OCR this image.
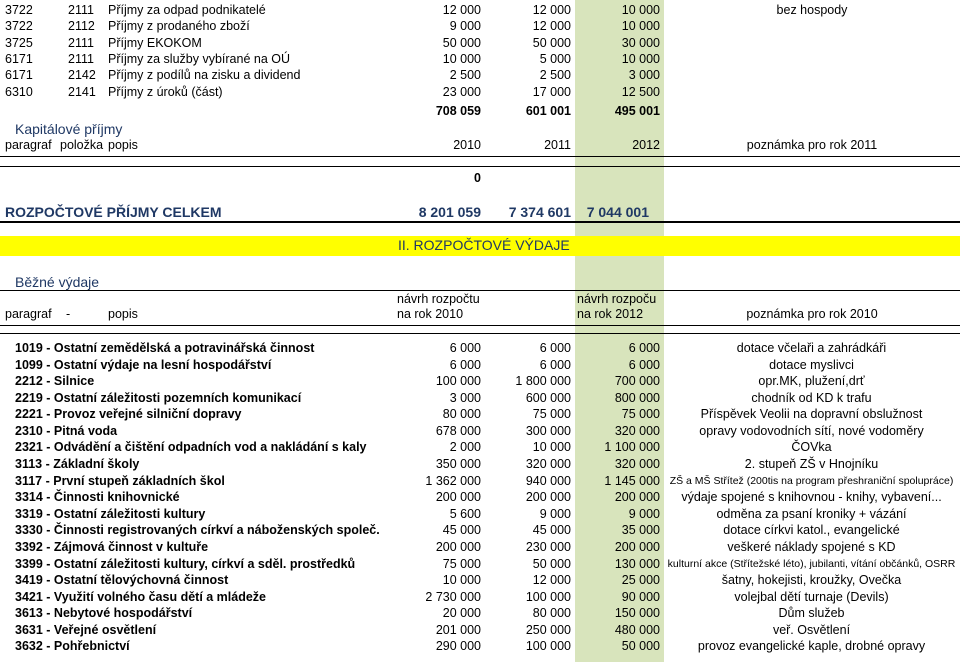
3722	2111 Příjmy za odpad podnikatelé	12 000	12 000	10 000	bez hospody
3722	2112 Příjmy z prodaného zboží	9 000	12 000	10 000
3725	2111 Příjmy EKOKOM	50 000	50 000	30 000
6171	2111 Příjmy za služby vybírané na OÚ	10 000	5 000	10 000
6171	2142 Příjmy z podílů na zisku a dividend	2 500	2 500	3 000
6310	2141 Příjmy z úroků (část)	23 000	17 000	12 500
708 059	601 001	495 001
Kapitálové příjmy
paragraf položka popis	2010	2011	2012	poznámka pro rok 2011
0
ROZPOČTOVÉ PŘÍJMY CELKEM	8 201 059	7 374 601	7 044 001
II. ROZPOČTOVÉ VÝDAJE
Běžné výdaje
paragraf -	popis
návrh rozpočtu
na rok 2010
návrh rozpoču
na rok 2012	poznámka pro rok 2010
1019 - Ostatní zemědělská a potravinářská činnost	6 000	6 000	6 000	dotace včelaři a zahrádkáři
1099 - Ostatní výdaje na lesní hospodářství	6 000	6 000	6 000	dotace myslivci
2212 - Silnice	100 000	1 800 000	700 000	opr.MK, plužení,drť
2219 - Ostatní záležitosti pozemních komunikací	3 000	600 000	800 000	chodník od KD k trafu
2221 - Provoz veřejné silniční dopravy	80 000	75 000	75 000	Příspěvek Veolii na dopravní obslužnost
2310 - Pitná voda	678 000	300 000	320 000	opravy vodovodních sítí, nové vodoměry
2321 - Odvádění a čištění odpadních vod a nakládání s kaly	2 000	10 000	1 100 000	ČOVka
3113 - Základní školy	350 000	320 000	320 000	2. stupeň ZŠ v Hnojníku
3117 - První stupeň základních škol	1 362 000	940 000	1 145 000 ZŠ a MŠ Střítež (200tis na program přeshraniční spolupráce)
3314 - Činnosti knihovnické	200 000	200 000	200 000	výdaje spojené s knihovnou - knihy, vybavení...
3319 - Ostatní záležitosti kultury	5 600	9 000	9 000	odměna za psaní kroniky + vázání
3330 - Činnosti registrovaných církví a náboženských společ.	45 000	45 000	35 000	dotace církvi katol., evangelické
3392 - Zájmová činnost v kultuře	200 000	230 000	200 000	veškeré náklady spojené s KD
3399 - Ostatní záležitosti kultury, církví a sděl. prostředků	75 000	50 000	130 000 kulturní akce (Střítežské léto), jubilanti, vítání občánků, OSRR
3419 - Ostatní tělovýchovná činnost	10 000	12 000	25 000	šatny, hokejisti, kroužky, Ovečka
3421 - Využití volného času dětí a mládeže	2 730 000	100 000	90 000	volejbal dětí turnaje (Devils)
3613 - Nebytové hospodářství	20 000	80 000	150 000	Dům služeb
3631 - Veřejné osvětlení	201 000	250 000	480 000	veř. Osvětlení
3632 - Pohřebnictví	290 000	100 000	50 000	provoz evangelické kaple, drobné opravy
